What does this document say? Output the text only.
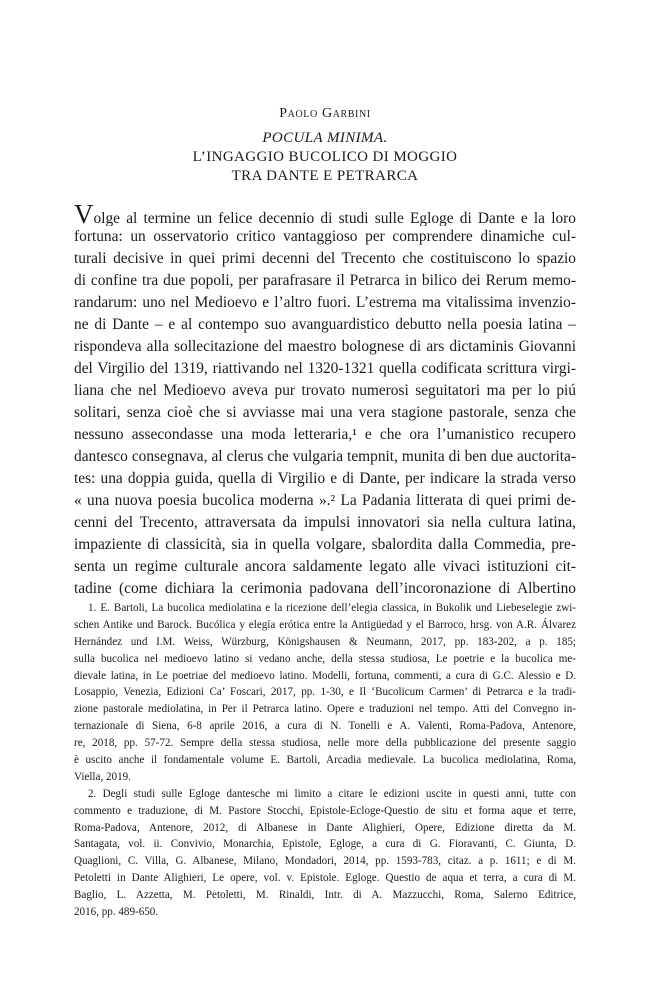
Paolo Garbini
POCULA MINIMA.
L’INGAGGIO BUCOLICO DI MOGGIO
TRA DANTE E PETRARCA
Volge al termine un felice decennio di studi sulle Egloge di Dante e la loro
fortuna: un osservatorio critico vantaggioso per comprendere dinamiche cul-
turali decisive in quei primi decenni del Trecento che costituiscono lo spazio
di confine tra due popoli, per parafrasare il Petrarca in bilico dei Rerum memo-
randarum: uno nel Medioevo e l’altro fuori. L’estrema ma vitalissima invenzio-
ne di Dante – e al contempo suo avanguardistico debutto nella poesia latina –
rispondeva alla sollecitazione del maestro bolognese di ars dictaminis Giovanni
del Virgilio del 1319, riattivando nel 1320-1321 quella codificata scrittura virgi-
liana che nel Medioevo aveva pur trovato numerosi seguitatori ma per lo piú
solitari, senza cioè che si avviasse mai una vera stagione pastorale, senza che
nessuno assecondasse una moda letteraria,¹ e che ora l’umanistico recupero
dantesco consegnava, al clerus che vulgaria tempnit, munita di ben due auctorita-
tes: una doppia guida, quella di Virgilio e di Dante, per indicare la strada verso
« una nuova poesia bucolica moderna ».² La Padania litterata di quei primi de-
cenni del Trecento, attraversata da impulsi innovatori sia nella cultura latina,
impaziente di classicità, sia in quella volgare, sbalordita dalla Commedia, pre-
senta un regime culturale ancora saldamente legato alle vivaci istituzioni cit-
tadine (come dichiara la cerimonia padovana dell’incoronazione di Albertino
1. E. Bartoli, La bucolica mediolatina e la ricezione dell’elegia classica, in Bukolik und Liebeselegie zwi-
schen Antike und Barock. Bucólica y elegía erótica entre la Antigüedad y el Barroco, hrsg. von A.R. Álvarez
Hernández und I.M. Weiss, Würzburg, Königshausen & Neumann, 2017, pp. 183-202, a p. 185;
sulla bucolica nel medioevo latino si vedano anche, della stessa studiosa, Le poetrie e la bucolica me-
dievale latina, in Le poetriae del medioevo latino. Modelli, fortuna, commenti, a cura di G.C. Alessio e D.
Losappio, Venezia, Edizioni Ca’ Foscari, 2017, pp. 1-30, e Il ‘Bucolicum Carmen’ di Petrarca e la tradi-
zione pastorale mediolatina, in Per il Petrarca latino. Opere e traduzioni nel tempo. Atti del Convegno in-
ternazionale di Siena, 6-8 aprile 2016, a cura di N. Tonelli e A. Valenti, Roma-Padova, Antenore,
re, 2018, pp. 57-72. Sempre della stessa studiosa, nelle more della pubblicazione del presente saggio
è uscito anche il fondamentale volume E. Bartoli, Arcadia medievale. La bucolica mediolatina, Roma,
Viella, 2019.
2. Degli studi sulle Egloge dantesche mi limito a citare le edizioni uscite in questi anni, tutte con
commento e traduzione, di M. Pastore Stocchi, Epistole-Ecloge-Questio de situ et forma aque et terre,
Roma-Padova, Antenore, 2012, di Albanese in Dante Alighieri, Opere, Edizione diretta da M.
Santagata, vol. ii. Convivio, Monarchia, Epistole, Egloge, a cura di G. Fioravanti, C. Giunta, D.
Quaglioni, C. Villa, G. Albanese, Milano, Mondadori, 2014, pp. 1593-783, citaz. a p. 1611; e di M.
Petoletti in Dante Alighieri, Le opere, vol. v. Epistole. Egloge. Questio de aqua et terra, a cura di M.
Baglio, L. Azzetta, M. Petoletti, M. Rinaldi, Intr. di A. Mazzucchi, Roma, Salerno Editrice,
2016, pp. 489-650.
